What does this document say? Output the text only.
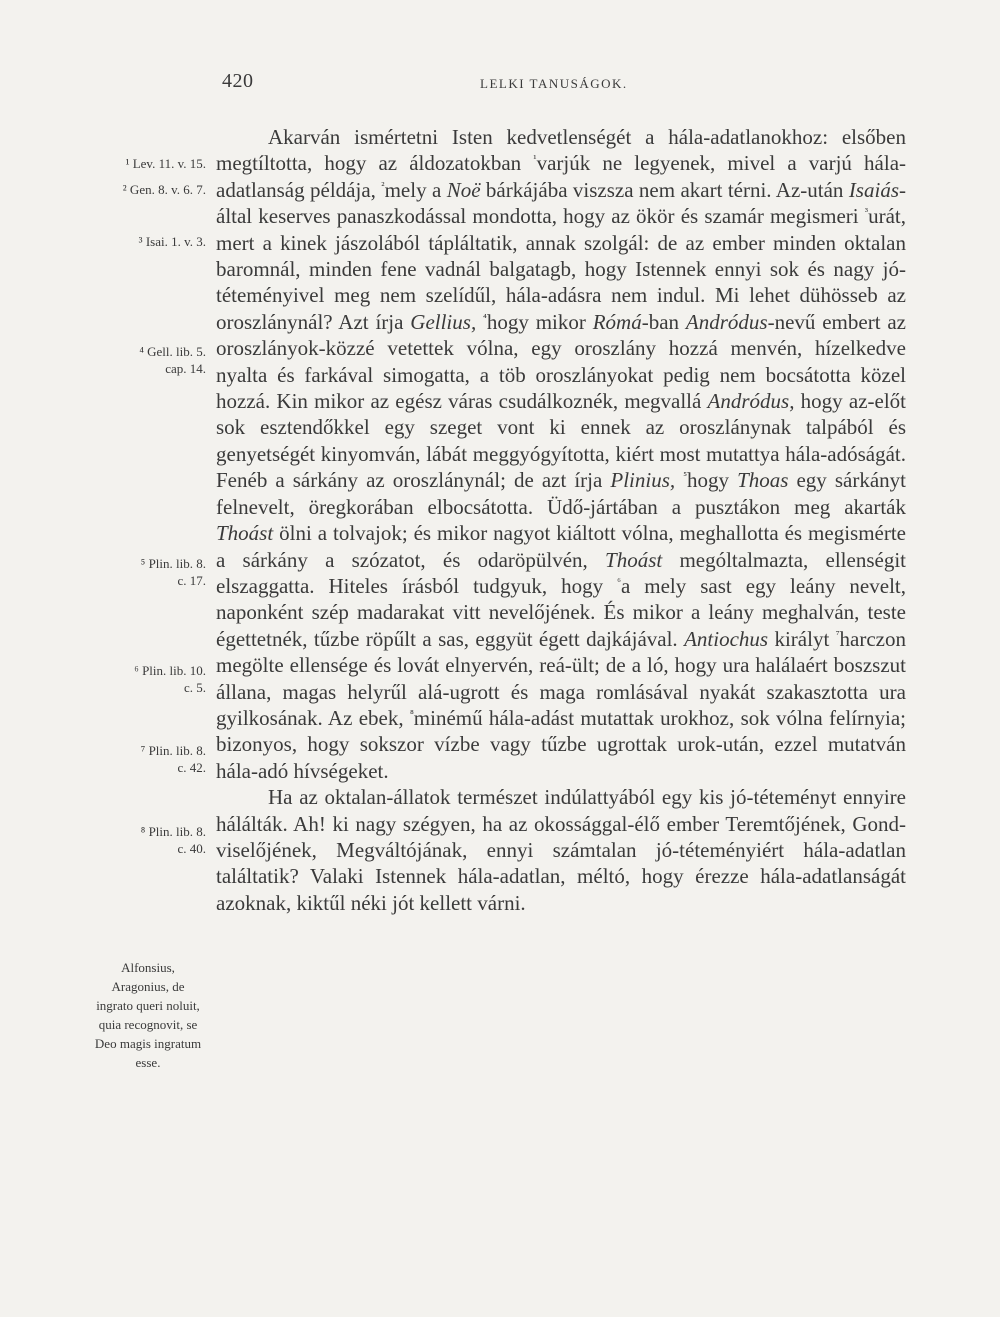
420	LELKI TANUSÁGOK.
¹ Lev. 11. v. 15.
² Gen. 8. v. 6. 7.
³ Isai. 1. v. 3.
⁴ Gell. lib. 5. cap. 14.
⁵ Plin. lib. 8. c. 17.
⁶ Plin. lib. 10. c. 5.
⁷ Plin. lib. 8. c. 42.
⁸ Plin. lib. 8. c. 40.
Alfonsius, Aragonius, de ingrato queri noluit, quia recognovit, se Deo magis ingratum esse.

Akarván ismértetni Isten kedvetlenségét a hála-adatlanokhoz: elsőben megtíltotta, hogy az áldozatokban $^{^1}$varjúk ne legyenek, mivel a varjú hála-adatlanság példája, $^{^2}$mely a Noë bárkájába viszsza nem akart térni. Az-után Isaiás-által keserves panaszkodással mondotta, hogy az ökör és szamár megismeri $^{^3}$urát, mert a kinek jászolából tápláltatik, annak szolgál: de az ember minden oktalan baromnál, minden fene vadnál balgatagb, hogy Istennek ennyi sok és nagy jó-téteményivel meg nem szelídűl, hála-adásra nem indul. Mi lehet dühösseb az oroszlánynál? Azt írja Gellius, $^{^4}$hogy mikor Rómá-ban Andródus-nevű embert az oroszlányok-közzé vetettek vólna, egy oroszlány hozzá menvén, hízelkedve nyalta és farkával simogatta, a töb oroszlányokat pedig nem bocsátotta közel hozzá. Kin mikor az egész váras csudálkoznék, megvallá Andródus, hogy az-előt sok esztendőkkel egy szeget vont ki ennek az oroszlánynak talpából és genyetségét kinyomván, lábát meggyógyította, kiért most mutattya hála-adóságát. Fenéb a sárkány az oroszlánynál; de azt írja Plinius, $^{^5}$hogy Thoas egy sárkányt felnevelt, öregkorában elbocsátotta. Üdő-jártában a pusztákon meg akarták Thoást ölni a tolvajok; és mikor nagyot kiáltott vólna, meghallotta és megismérte a sárkány a szózatot, és odaröpülvén, Thoást mególtalmazta, ellenségit elszaggatta. Hiteles írásból tudgyuk, hogy $^{^6}$a mely sast egy leány nevelt, naponként szép madarakat vitt nevelőjének. És mikor a leány meghalván, teste égettetnék, tűzbe röpűlt a sas, eggyüt égett dajkájával. Antiochus királyt $^{^7}$harczon megölte ellensége és lovát elnyervén, reá-ült; de a ló, hogy ura halálaért boszszut állana, magas helyrűl alá-ugrott és maga romlásával nyakát szakasztotta ura gyilkosának. Az ebek, $^{^8}$minémű hála-adást mutattak urokhoz, sok vólna felírnyia; bizonyos, hogy sokszor vízbe vagy tűzbe ugrottak urok-után, ezzel mutatván hála-adó hívségeket.

Ha az oktalan-állatok természet indúlattyából egy kis jó-téteményt ennyire hálálták. Ah! ki nagy szégyen, ha az okossággal-élő ember Teremtőjének, Gond-viselőjének, Megváltójának, ennyi számtalan jó-téteményiért hála-adatlan találtatik? Valaki Istennek hála-adatlan, méltó, hogy érezze hála-adatlanságát azoknak, kiktűl néki jót kellett várni.
